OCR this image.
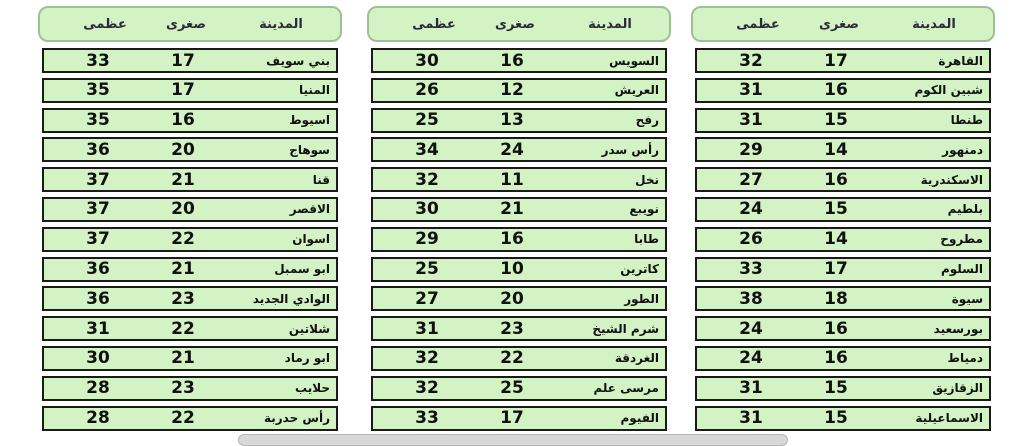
المدينة
صغرى
عظمى
القاهرة
17
32
شبين الكوم
16
31
طنطا
15
31
دمنهور
14
29
الاسكندرية
16
27
بلطيم
15
24
مطروح
14
26
السلوم
17
33
سيوة
18
38
بورسعيد
16
24
دمياط
16
24
الزقازيق
15
31
الاسماعيلية
15
31
المدينة
صغرى
عظمى
السويس
16
30
العريش
12
26
رفح
13
25
رأس سدر
24
34
نخل
11
32
نويبع
21
30
طابا
16
29
كاترين
10
25
الطور
20
27
شرم الشيخ
23
31
الغردقة
22
32
مرسى علم
25
32
الفيوم
17
33
المدينة
صغرى
عظمى
بني سويف
17
33
المنيا
17
35
اسيوط
16
35
سوهاج
20
36
قنا
21
37
الاقصر
20
37
اسوان
22
37
ابو سمبل
21
36
الوادي الجديد
23
36
شلاتين
22
31
ابو رماد
21
30
حلايب
23
28
رأس حدربة
22
28
